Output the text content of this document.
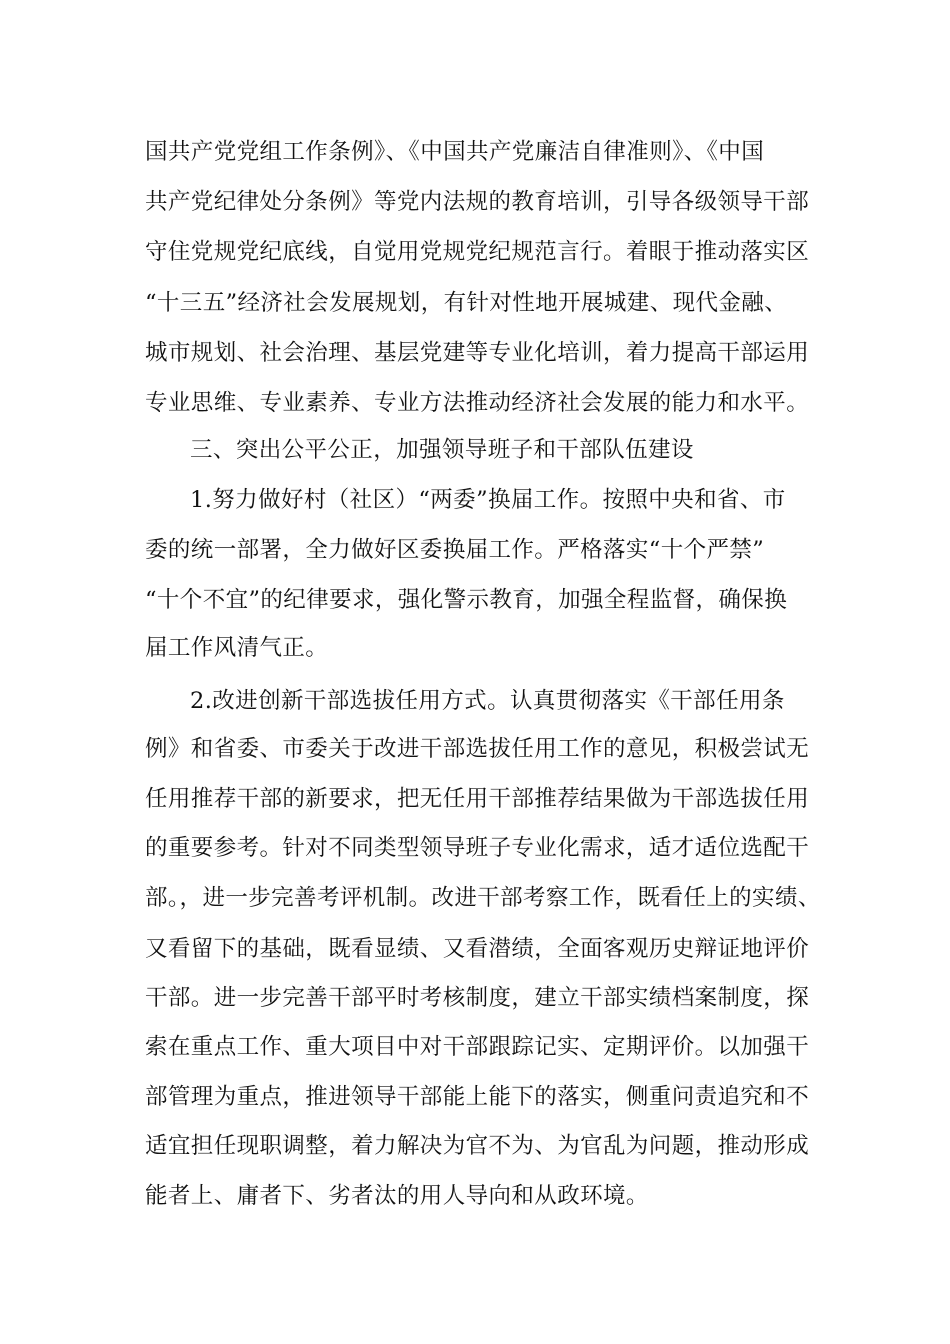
国共产党党组工作条例》、《中国共产党廉洁自律准则》、《中国
共产党纪律处分条例》等党内法规的教育培训，引导各级领导干部
守住党规党纪底线，自觉用党规党纪规范言行。着眼于推动落实区
“十三五”经济社会发展规划，有针对性地开展城建、现代金融、
城市规划、社会治理、基层党建等专业化培训，着力提高干部运用
专业思维、专业素养、专业方法推动经济社会发展的能力和水平。
三、突出公平公正，加强领导班子和干部队伍建设
1.努力做好村（社区）“两委”换届工作。按照中央和省、市
委的统一部署，全力做好区委换届工作。严格落实“十个严禁”
“十个不宜”的纪律要求，强化警示教育，加强全程监督，确保换
届工作风清气正。
2.改进创新干部选拔任用方式。认真贯彻落实《干部任用条
例》和省委、市委关于改进干部选拔任用工作的意见，积极尝试无
任用推荐干部的新要求，把无任用干部推荐结果做为干部选拔任用
的重要参考。针对不同类型领导班子专业化需求，适才适位选配干
部。，进一步完善考评机制。改进干部考察工作，既看任上的实绩、
又看留下的基础，既看显绩、又看潜绩，全面客观历史辩证地评价
干部。进一步完善干部平时考核制度，建立干部实绩档案制度，探
索在重点工作、重大项目中对干部跟踪记实、定期评价。以加强干
部管理为重点，推进领导干部能上能下的落实，侧重问责追究和不
适宜担任现职调整，着力解决为官不为、为官乱为问题，推动形成
能者上、庸者下、劣者汰的用人导向和从政环境。
